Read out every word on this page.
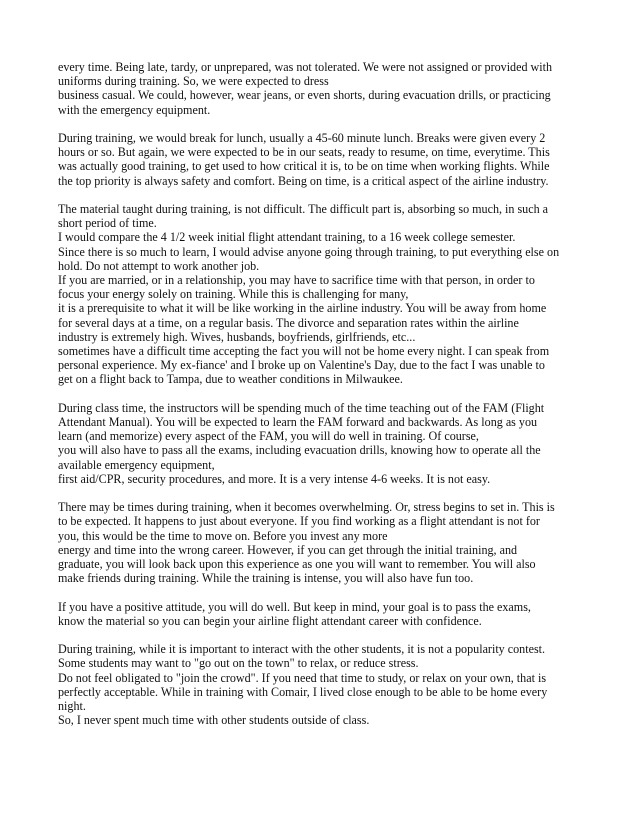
every time. Being late, tardy, or unprepared, was not tolerated. We were not assigned or provided with
uniforms during training. So, we were expected to dress
business casual. We could, however, wear jeans, or even shorts, during evacuation drills, or practicing
with the emergency equipment.
During training, we would break for lunch, usually a 45-60 minute lunch. Breaks were given every 2
hours or so. But again, we were expected to be in our seats, ready to resume, on time, everytime. This
was actually good training, to get used to how critical it is, to be on time when working flights. While
the top priority is always safety and comfort. Being on time, is a critical aspect of the airline industry.
The material taught during training, is not difficult. The difficult part is, absorbing so much, in such a
short period of time.
I would compare the 4 1/2 week initial flight attendant training, to a 16 week college semester.
Since there is so much to learn, I would advise anyone going through training, to put everything else on
hold. Do not attempt to work another job.
If you are married, or in a relationship, you may have to sacrifice time with that person, in order to
focus your energy solely on training. While this is challenging for many,
it is a prerequisite to what it will be like working in the airline industry. You will be away from home
for several days at a time, on a regular basis. The divorce and separation rates within the airline
industry is extremely high. Wives, husbands, boyfriends, girlfriends, etc...
sometimes have a difficult time accepting the fact you will not be home every night. I can speak from
personal experience. My ex-fiance' and I broke up on Valentine's Day, due to the fact I was unable to
get on a flight back to Tampa, due to weather conditions in Milwaukee.
During class time, the instructors will be spending much of the time teaching out of the FAM (Flight
Attendant Manual). You will be expected to learn the FAM forward and backwards. As long as you
learn (and memorize) every aspect of the FAM, you will do well in training. Of course,
you will also have to pass all the exams, including evacuation drills, knowing how to operate all the
available emergency equipment,
first aid/CPR, security procedures, and more. It is a very intense 4-6 weeks. It is not easy.
There may be times during training, when it becomes overwhelming. Or, stress begins to set in. This is
to be expected. It happens to just about everyone. If you find working as a flight attendant is not for
you, this would be the time to move on. Before you invest any more
energy and time into the wrong career. However, if you can get through the initial training, and
graduate, you will look back upon this experience as one you will want to remember. You will also
make friends during training. While the training is intense, you will also have fun too.
If you have a positive attitude, you will do well. But keep in mind, your goal is to pass the exams,
know the material so you can begin your airline flight attendant career with confidence.
During training, while it is important to interact with the other students, it is not a popularity contest.
Some students may want to "go out on the town" to relax, or reduce stress.
Do not feel obligated to "join the crowd". If you need that time to study, or relax on your own, that is
perfectly acceptable. While in training with Comair, I lived close enough to be able to be home every
night.
So, I never spent much time with other students outside of class.
